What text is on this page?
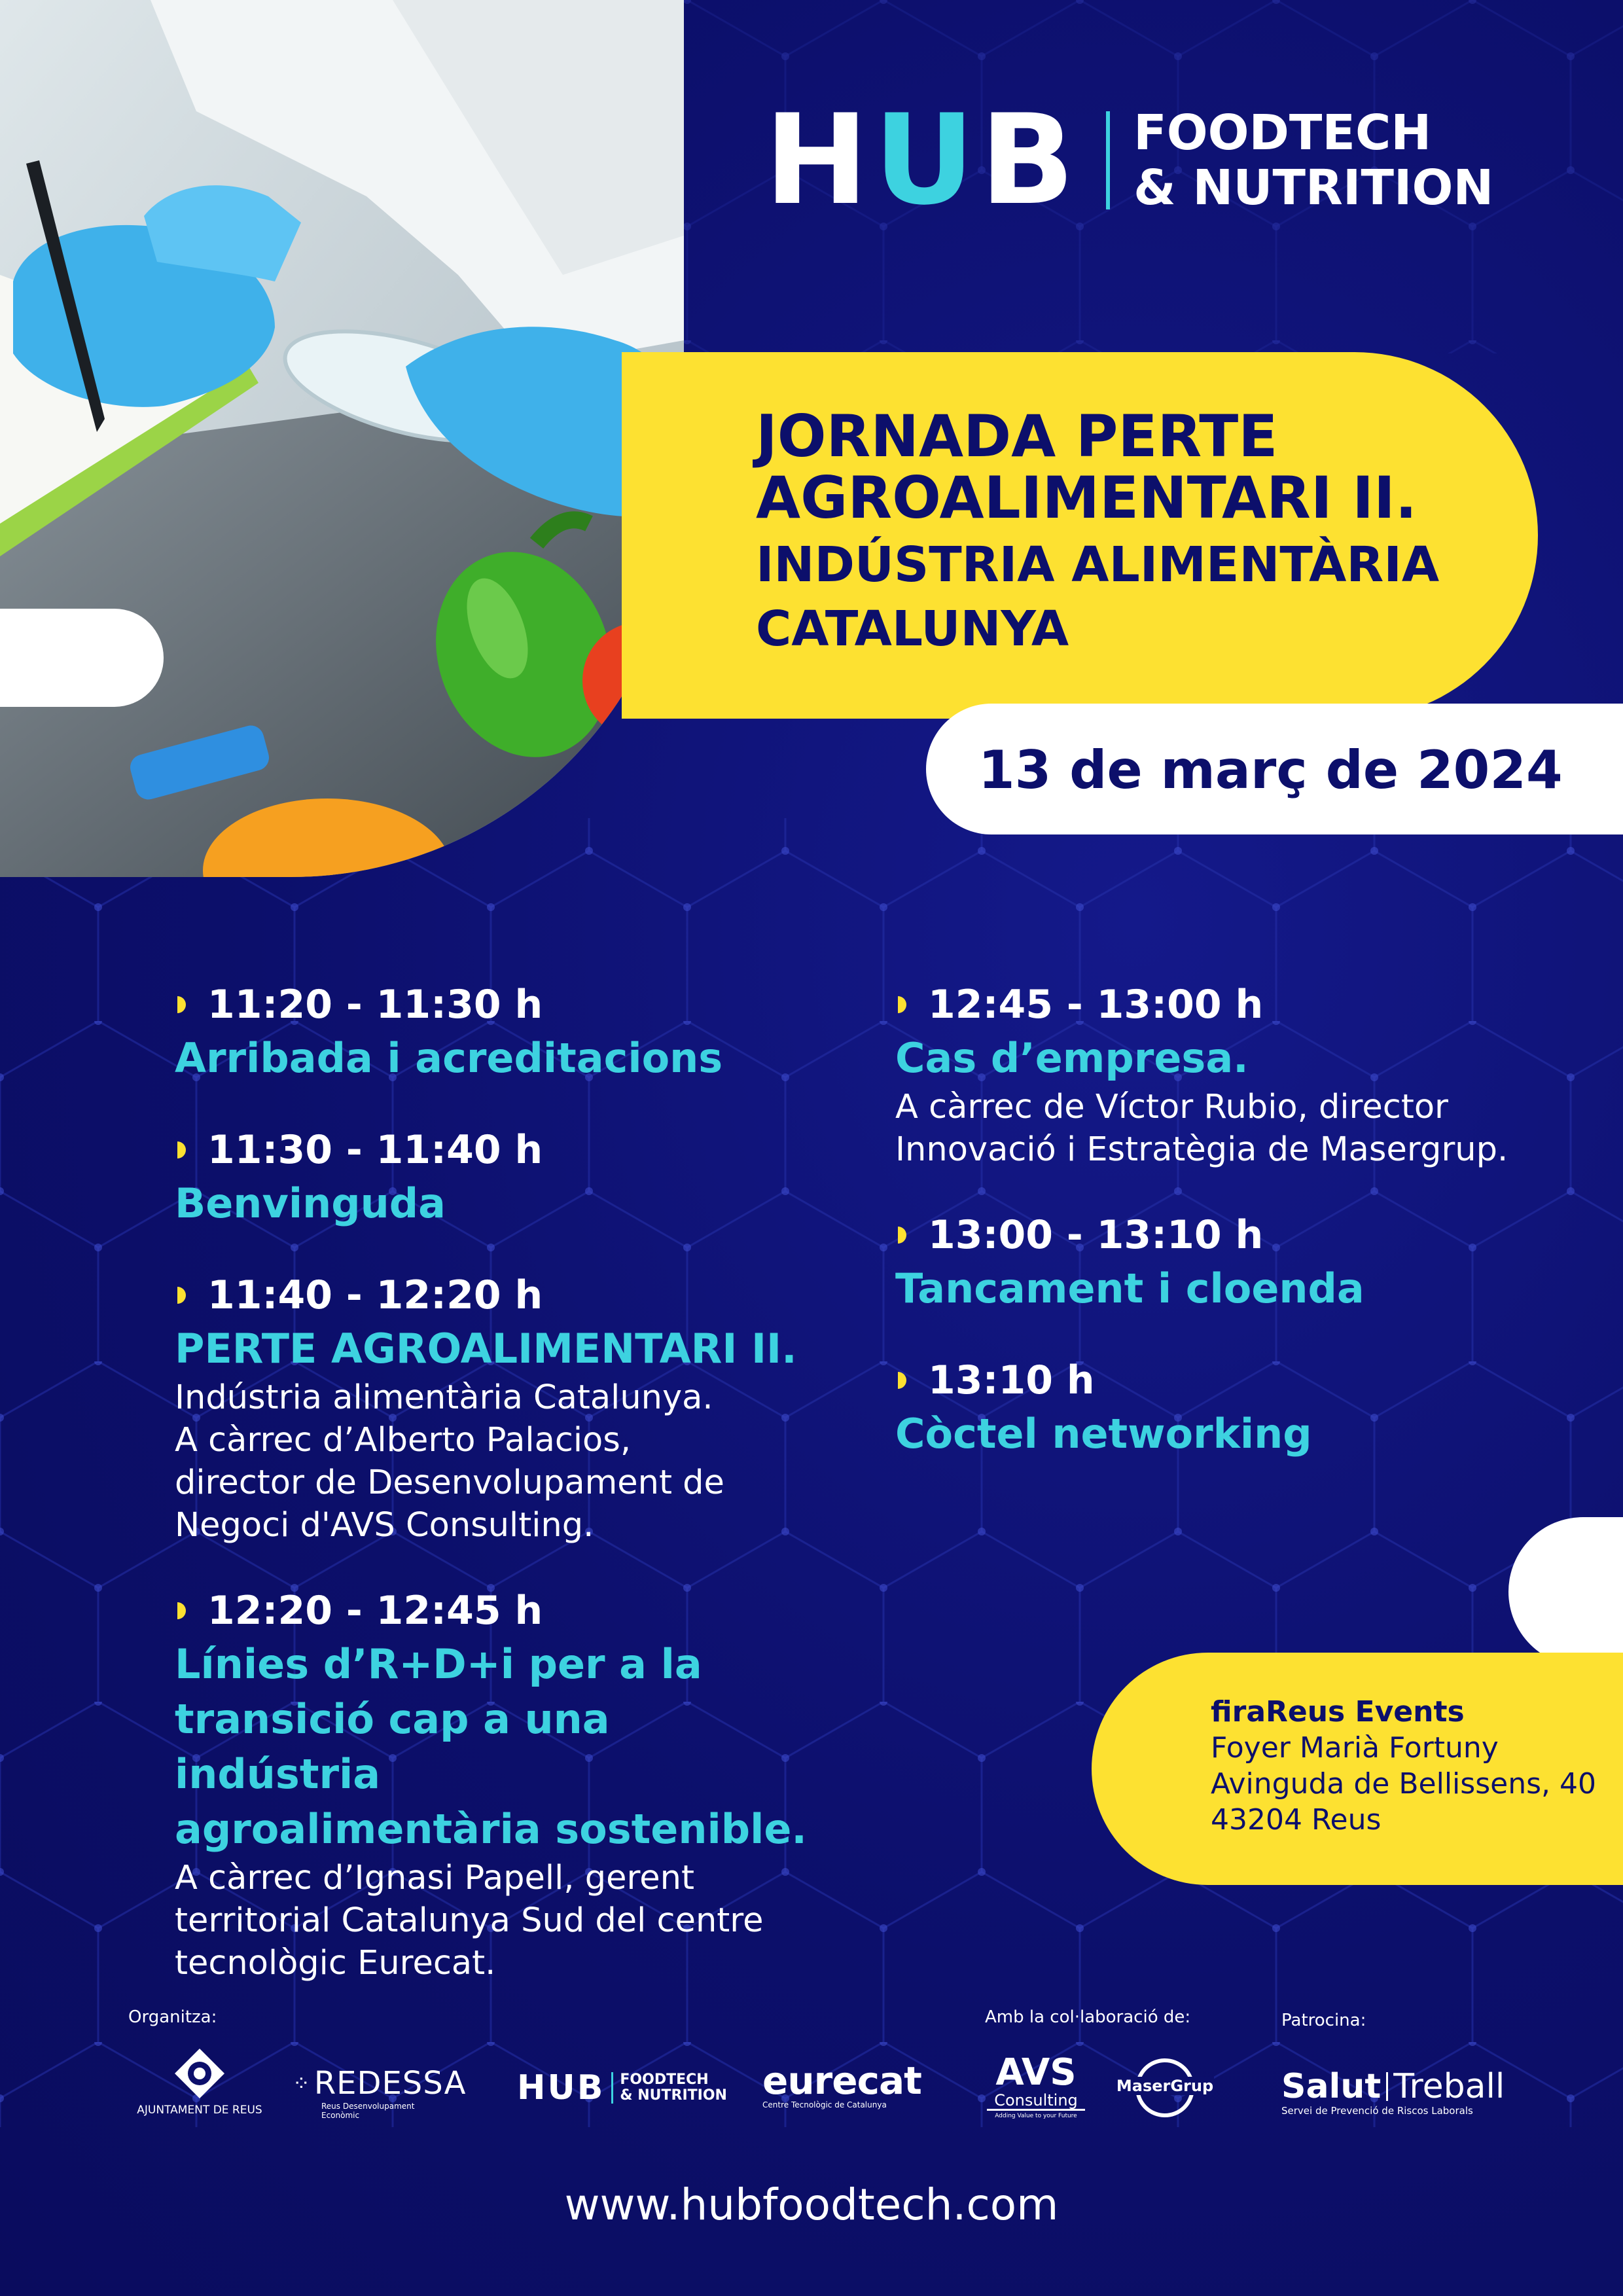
HUB FOODTECH
& NUTRITION
JORNADA PERTE
AGROALIMENTARI II.
INDÚSTRIA ALIMENTÀRIA
CATALUNYA
13 de març de 2024
11:20 - 11:30 h
Arribada i acreditacions
11:30 - 11:40 h
Benvinguda
11:40 - 12:20 h
PERTE AGROALIMENTARI II.
Indústria alimentària Catalunya.
A càrrec d’Alberto Palacios,
director de Desenvolupament de
Negoci d'AVS Consulting.
12:20 - 12:45 h
Línies d’R+D+i per a la
transició cap a una indústria
agroalimentària sostenible.
A càrrec d’Ignasi Papell, gerent
territorial Catalunya Sud del centre
tecnològic Eurecat.
12:45 - 13:00 h
Cas d’empresa.
A càrrec de Víctor Rubio, director
Innovació i Estratègia de Masergrup.
13:00 - 13:10 h
Tancament i cloenda
13:10 h
Còctel networking
firaReus Events
Foyer Marià Fortuny
Avinguda de Bellissens, 40
43204 Reus
Organitza:	Amb la col·laboració de:	Patrocina:
AJUNTAMENT DE REUS
⁘ REDESSA
Reus Desenvolupament
Econòmic
HUB FOODTECH
& NUTRITION eurecat
Centre Tecnològic de Catalunya
AVS
Consulting
Adding Value to your Future
MaserGrup Salut Treball
Servei de Prevenció de Riscos Laborals
www.hubfoodtech.com
